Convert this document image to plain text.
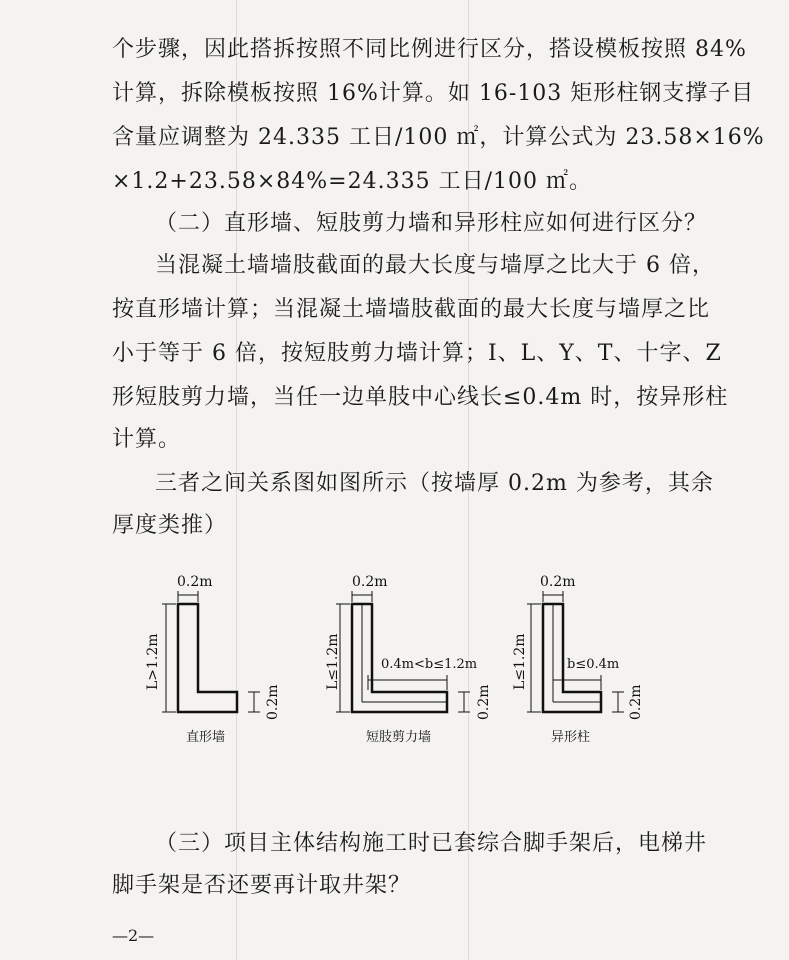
个步骤，因此搭拆按照不同比例进行区分，搭设模板按照 84%
计算，拆除模板按照 16%计算。如 16-103 矩形柱钢支撑子目
含量应调整为 24.335 工日/100 ㎡，计算公式为 23.58×16%
×1.2+23.58×84%=24.335 工日/100 ㎡。
（二）直形墙、短肢剪力墙和异形柱应如何进行区分？
当混凝土墙墙肢截面的最大长度与墙厚之比大于 6 倍，
按直形墙计算；当混凝土墙墙肢截面的最大长度与墙厚之比
小于等于 6 倍，按短肢剪力墙计算；I、L、Y、T、十字、Z
形短肢剪力墙，当任一边单肢中心线长≤0.4m 时，按异形柱
计算。
三者之间关系图如图所示（按墙厚 0.2m 为参考，其余
厚度类推）
0.2m
L>1.2m
0.2m
直形墙
0.2m
L≤1.2m	0.4m<b≤1.2m
0.2m
短肢剪力墙
0.2m
L≤1.2m	b≤0.4m
0.2m
异形柱
（三）项目主体结构施工时已套综合脚手架后，电梯井
脚手架是否还要再计取井架？
—2—
